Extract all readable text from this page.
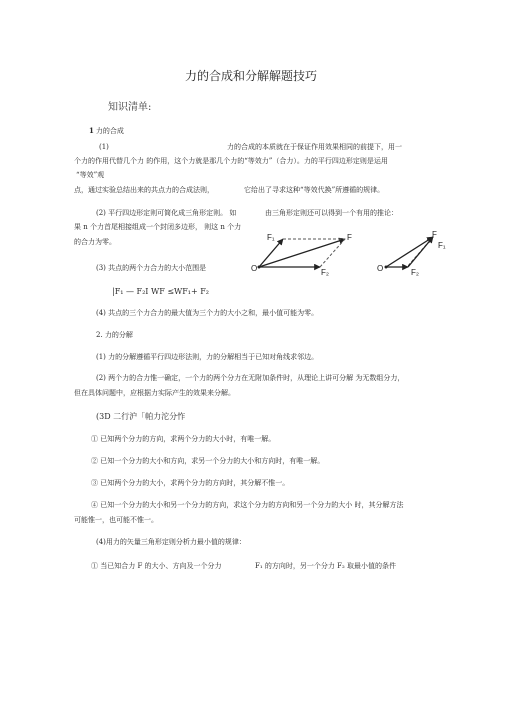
力的合成和分解解题技巧
知识清单:
1 力的合成
(1)	力的合成的本质就在于保证作用效果相同的前提下，用一
个力的作用代替几个力 的作用，这个力就是那几个力的“等效力”（合力）。力的平行四边形定则是运用
“等效”观
点，通过实验总结出来的共点力的合成法则，	它给出了寻求这种“等效代换”所遵循的规律。
(2) 平行四边形定则可简化成三角形定则。 如	由三角形定则还可以得到一个有用的推论：
果 n 个力首尾相接组成一个封闭多边形， 则这 n 个力
的合力为零。
O
F₁	F
F₂	O
F
F₁
F₂
(3) 共点的两个力合力的大小范围是
|F₁ — F₂I WF ≤WF₁+ F₂
(4) 共点的三个力合力的最大值为三个力的大小之和，最小值可能为零。
2. 力的分解
(1) 力的分解遵循平行四边形法则，力的分解相当于已知对角线求邻边。
(2) 两个力的合力惟一确定，一个力的两个分力在无附加条件时，从理论上讲可分解 为无数组分力，
但在具体问题中，应根据力实际产生的效果来分解。
(3D 二行沪「帕力沱分怍
① 已知两个分力的方向，求两个分力的大小时，有唯一解。
② 已知一个分力的大小和方向，求另一个分力的大小和方向时，有唯一解。
③ 已知两个分力的大小，求两个分力的方向时，其分解不惟一。
④ 已知一个分力的大小和另一个分力的方向，求这个分力的方向和另一个分力的大小 时，其分解方法
可能惟一，也可能不惟一。
(4)用力的矢量三角形定则分析力最小值的规律：
① 当已知合力 F 的大小、方向及一个分力	F₁ 的方向时，另一个分力 F₂ 取最小值的条件
